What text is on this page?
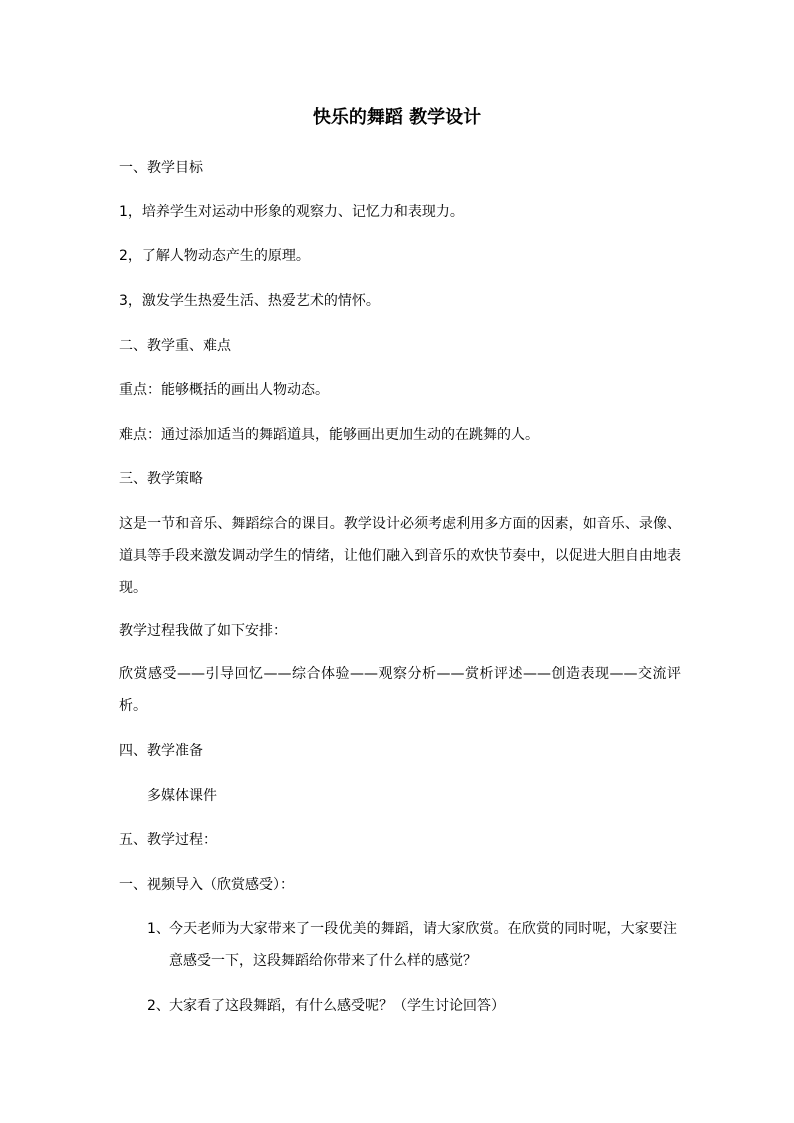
快乐的舞蹈 教学设计
一、教学目标
1，培养学生对运动中形象的观察力、记忆力和表现力。
2，了解人物动态产生的原理。
3，激发学生热爱生活、热爱艺术的情怀。
二、教学重、难点
重点：能够概括的画出人物动态。
难点：通过添加适当的舞蹈道具，能够画出更加生动的在跳舞的人。
三、教学策略
这是一节和音乐、舞蹈综合的课目。教学设计必须考虑利用多方面的因素，如音乐、录像、道具等手段来激发调动学生的情绪，让他们融入到音乐的欢快节奏中，以促进大胆自由地表现。
教学过程我做了如下安排：
欣赏感受——引导回忆——综合体验——观察分析——赏析评述——创造表现——交流评析。
四、教学准备
多媒体课件
五、教学过程：
一、视频导入（欣赏感受）：
1、 今天老师为大家带来了一段优美的舞蹈，请大家欣赏。在欣赏的同时呢，大家要注意感受一下，这段舞蹈给你带来了什么样的感觉？
2、 大家看了这段舞蹈，有什么感受呢？（学生讨论回答）
